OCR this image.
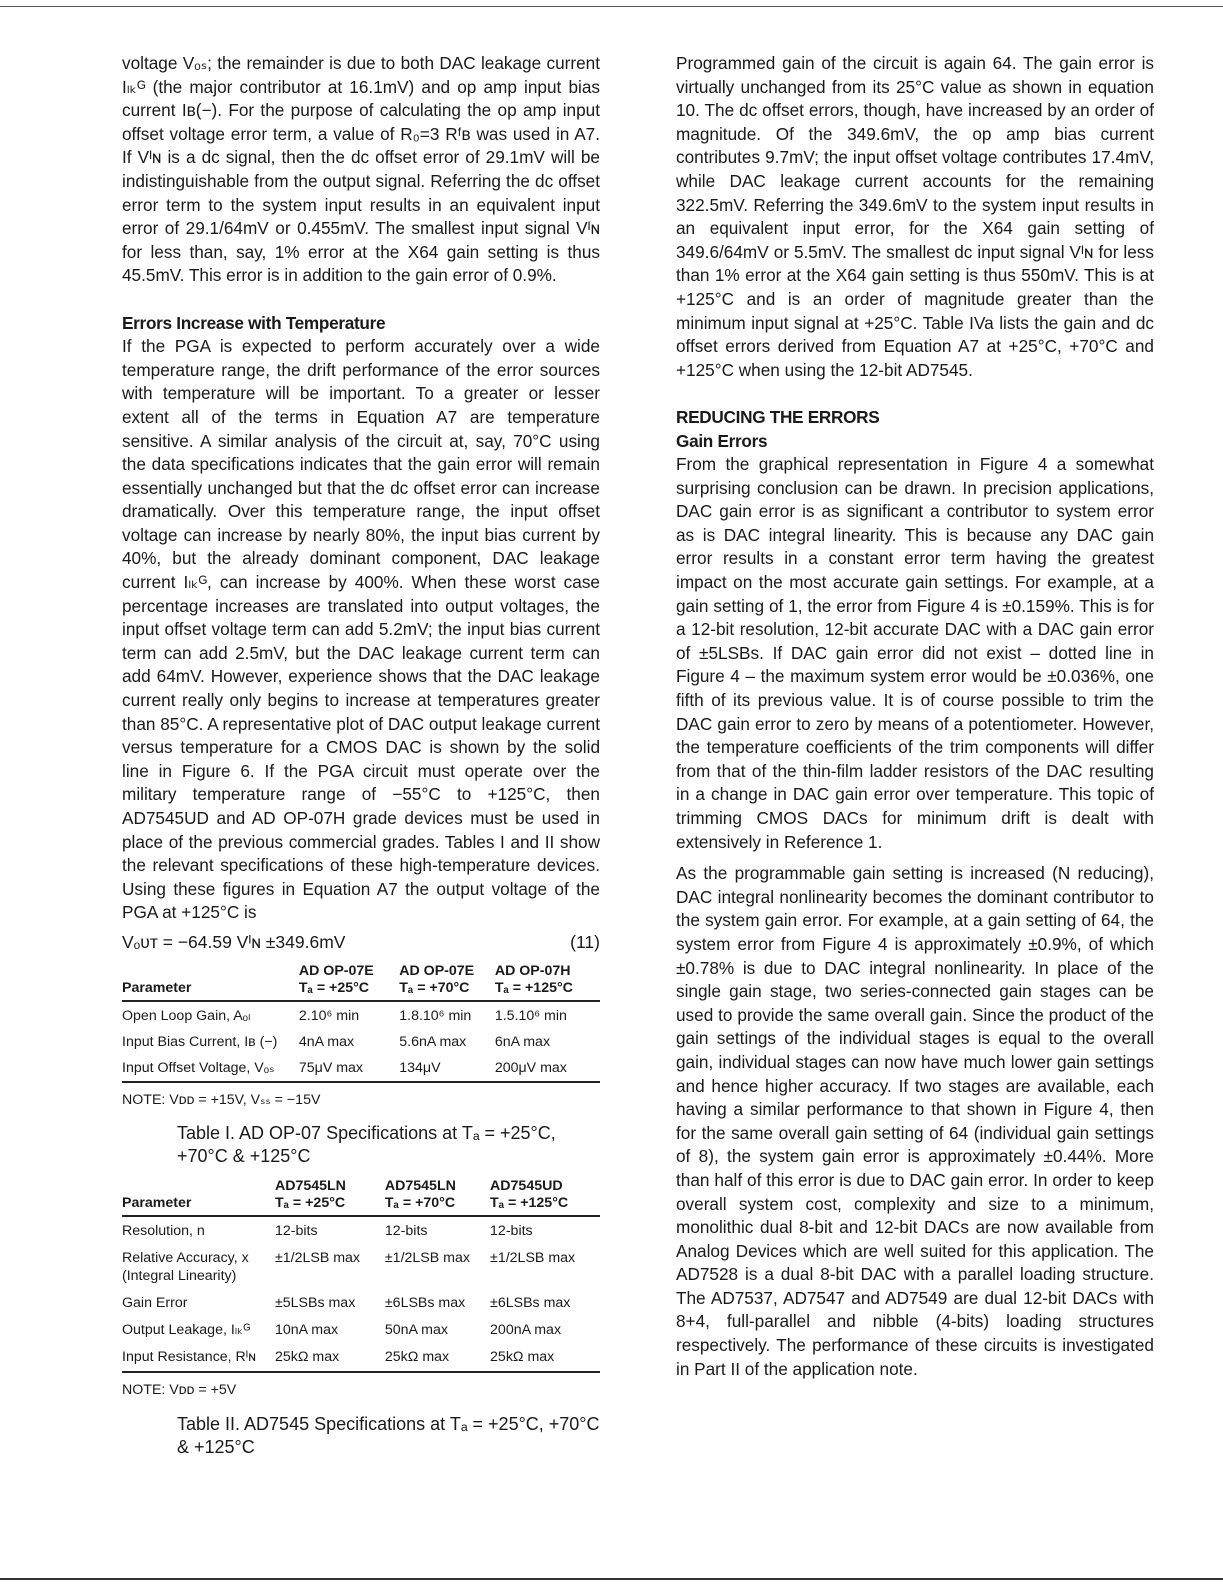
voltage Vₒₛ; the remainder is due to both DAC leakage current Iₗₖᴳ (the major contributor at 16.1mV) and op amp input bias current Iʙ(−). For the purpose of calculating the op amp input offset voltage error term, a value of R₀=3 Rᶠʙ was used in A7. If Vᴵɴ is a dc signal, then the dc offset error of 29.1mV will be indistinguishable from the output signal. Referring the dc offset error term to the system input results in an equivalent input error of 29.1/64mV or 0.455mV. The smallest input signal Vᴵɴ for less than, say, 1% error at the X64 gain setting is thus 45.5mV. This error is in addition to the gain error of 0.9%.

Errors Increase with Temperature

If the PGA is expected to perform accurately over a wide temperature range, the drift performance of the error sources with temperature will be important. To a greater or lesser extent all of the terms in Equation A7 are temperature sensitive. A similar analysis of the circuit at, say, 70°C using the data specifications indicates that the gain error will remain essentially unchanged but that the dc offset error can increase dramatically. Over this temperature range, the input offset voltage can increase by nearly 80%, the input bias current by 40%, but the already dominant component, DAC leakage current Iₗₖᴳ, can increase by 400%. When these worst case percentage increases are translated into output voltages, the input offset voltage term can add 5.2mV; the input bias current term can add 2.5mV, but the DAC leakage current term can add 64mV. However, experience shows that the DAC leakage current really only begins to increase at temperatures greater than 85°C. A representative plot of DAC output leakage current versus temperature for a CMOS DAC is shown by the solid line in Figure 6. If the PGA circuit must operate over the military temperature range of −55°C to +125°C, then AD7545UD and AD OP-07H grade devices must be used in place of the previous commercial grades. Tables I and II show the relevant specifications of these high-temperature devices. Using these figures in Equation A7 the output voltage of the PGA at +125°C is

Vₒᴜᴛ = −64.59 Vᴵɴ ±349.6mV	(11)
	AD OP-07E	AD OP-07E	AD OP-07H
Parameter	Tₐ = +25°C	Tₐ = +70°C	Tₐ = +125°C
Open Loop Gain, Aₒₗ	2.10⁶ min	1.8.10⁶ min	1.5.10⁶ min
Input Bias Current, Iʙ (−)	4nA max	5.6nA max	6nA max
Input Offset Voltage, Vₒₛ	75μV max	134μV	200μV max
NOTE: Vᴅᴅ = +15V, Vₛₛ = −15V
Table I. AD OP-07 Specifications at Tₐ = +25°C, +70°C & +125°C
	AD7545LN	AD7545LN	AD7545UD
Parameter	Tₐ = +25°C	Tₐ = +70°C	Tₐ = +125°C
Resolution, n	12-bits	12-bits	12-bits
Relative Accuracy, x
(Integral Linearity)	±1/2LSB max	±1/2LSB max	±1/2LSB max
Gain Error	±5LSBs max	±6LSBs max	±6LSBs max
Output Leakage, Iₗₖᴳ	10nA max	50nA max	200nA max
Input Resistance, Rᴵɴ	25kΩ max	25kΩ max	25kΩ max
NOTE: Vᴅᴅ = +5V
Table II. AD7545 Specifications at Tₐ = +25°C, +70°C & +125°C

Programmed gain of the circuit is again 64. The gain error is virtually unchanged from its 25°C value as shown in equation 10. The dc offset errors, though, have increased by an order of magnitude. Of the 349.6mV, the op amp bias current contributes 9.7mV; the input offset voltage contributes 17.4mV, while DAC leakage current accounts for the remaining 322.5mV. Referring the 349.6mV to the system input results in an equivalent input error, for the X64 gain setting of 349.6/64mV or 5.5mV. The smallest dc input signal Vᴵɴ for less than 1% error at the X64 gain setting is thus 550mV. This is at +125°C and is an order of magnitude greater than the minimum input signal at +25°C. Table IVa lists the gain and dc offset errors derived from Equation A7 at +25°C, +70°C and +125°C when using the 12-bit AD7545.

REDUCING THE ERRORS
Gain Errors

From the graphical representation in Figure 4 a somewhat surprising conclusion can be drawn. In precision applications, DAC gain error is as significant a contributor to system error as is DAC integral linearity. This is because any DAC gain error results in a constant error term having the greatest impact on the most accurate gain settings. For example, at a gain setting of 1, the error from Figure 4 is ±0.159%. This is for a 12-bit resolution, 12-bit accurate DAC with a DAC gain error of ±5LSBs. If DAC gain error did not exist – dotted line in Figure 4 – the maximum system error would be ±0.036%, one fifth of its previous value. It is of course possible to trim the DAC gain error to zero by means of a potentiometer. However, the temperature coefficients of the trim components will differ from that of the thin-film ladder resistors of the DAC resulting in a change in DAC gain error over temperature. This topic of trimming CMOS DACs for minimum drift is dealt with extensively in Reference 1.

As the programmable gain setting is increased (N reducing), DAC integral nonlinearity becomes the dominant contributor to the system gain error. For example, at a gain setting of 64, the system error from Figure 4 is approximately ±0.9%, of which ±0.78% is due to DAC integral nonlinearity. In place of the single gain stage, two series-connected gain stages can be used to provide the same overall gain. Since the product of the gain settings of the individual stages is equal to the overall gain, individual stages can now have much lower gain settings and hence higher accuracy. If two stages are available, each having a similar performance to that shown in Figure 4, then for the same overall gain setting of 64 (individual gain settings of 8), the system gain error is approximately ±0.44%. More than half of this error is due to DAC gain error. In order to keep overall system cost, complexity and size to a minimum, monolithic dual 8-bit and 12-bit DACs are now available from Analog Devices which are well suited for this application. The AD7528 is a dual 8-bit DAC with a parallel loading structure. The AD7537, AD7547 and AD7549 are dual 12-bit DACs with 8+4, full-parallel and nibble (4-bits) loading structures respectively. The performance of these circuits is investigated in Part II of the application note.
